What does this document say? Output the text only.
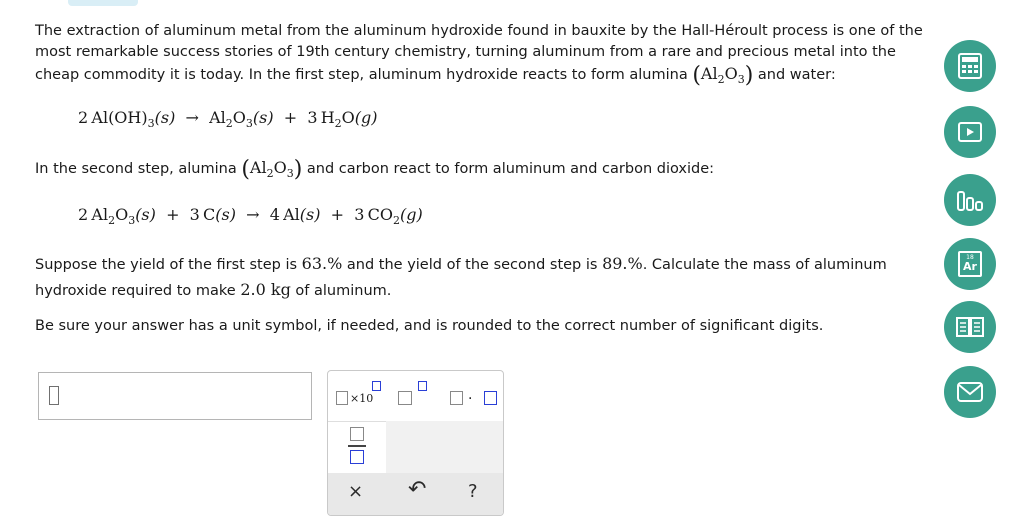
The extraction of aluminum metal from the aluminum hydroxide found in bauxite by the Hall-Héroult process is one of the

most remarkable success stories of 19th century chemistry, turning aluminum from a rare and precious metal into the

cheap commodity it is today. In the first step, aluminum hydroxide reacts to form alumina $(Al_2O_3)$ and water:

2  $Al(OH)_3(s) \to Al_2O_3(s) + 3$  $H_2O(g)$
In the second step, alumina $(Al_2O_3)$ and carbon react to form aluminum and carbon dioxide:
2  $Al_2O_3(s) + 3$  C(s) → 4  Al(s) + 3  $CO_2(g)$
Suppose the yield of the first step is 63.% and the yield of the second step is 89.%. Calculate the mass of aluminum
hydroxide required to make 2.0 kg of aluminum.
Be sure your answer has a unit symbol, if needed, and is rounded to the correct number of significant digits.
×10	·
× ↶ ?
18
Ar
